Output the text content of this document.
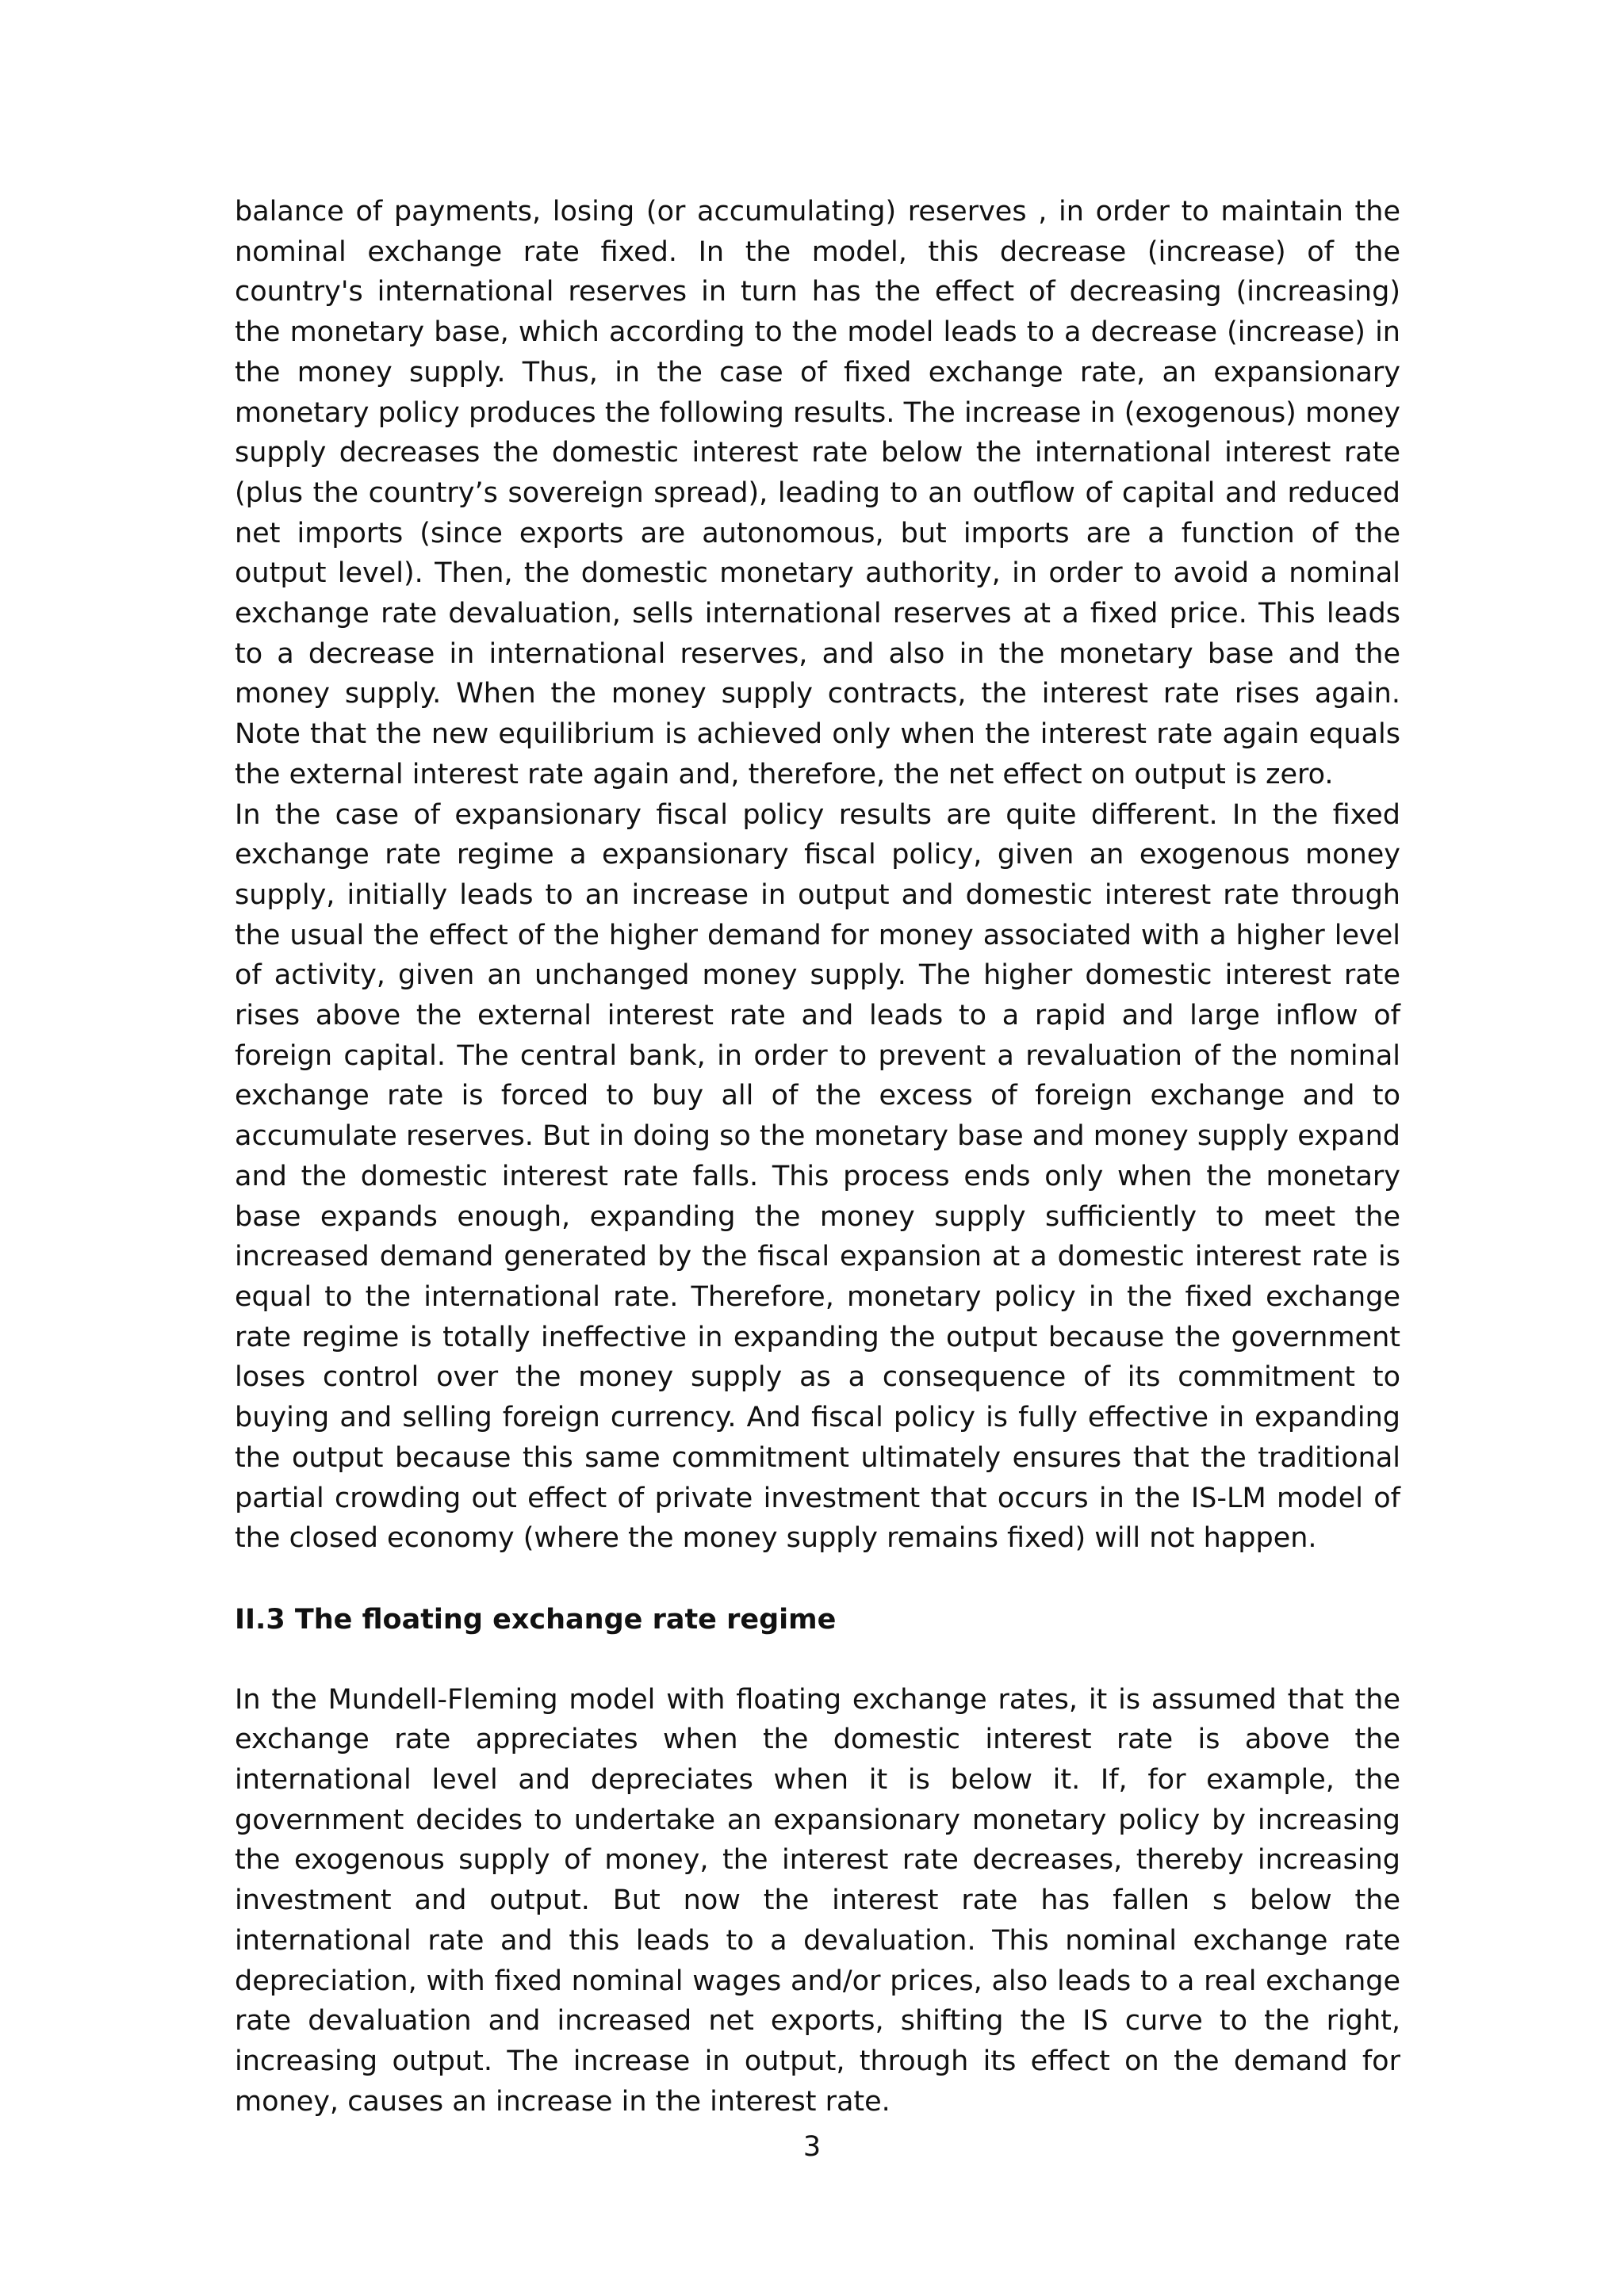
balance of payments, losing (or accumulating) reserves , in order to maintain the nominal exchange rate fixed. In the model, this decrease (increase) of the country's international reserves in turn has the effect of decreasing (increasing) the monetary base, which according to the model leads to a decrease (increase) in the money supply. Thus, in the case of fixed exchange rate, an expansionary monetary policy produces the following results. The increase in (exogenous) money supply decreases the domestic interest rate below the international interest rate (plus the country’s sovereign spread), leading to an outflow of capital and reduced net imports (since exports are autonomous, but imports are a function of the output level). Then, the domestic monetary authority, in order to avoid a nominal exchange rate devaluation, sells international reserves at a fixed price. This leads to a decrease in international reserves, and also in the monetary base and the money supply. When the money supply contracts, the interest rate rises again. Note that the new equilibrium is achieved only when the interest rate again equals the external interest rate again and, therefore, the net effect on output is zero.

In the case of expansionary fiscal policy results are quite different. In the fixed exchange rate regime a expansionary fiscal policy, given an exogenous money supply, initially leads to an increase in output and domestic interest rate through the usual the effect of the higher demand for money associated with a higher level of activity, given an unchanged money supply. The higher domestic interest rate rises above the external interest rate and leads to a rapid and large inflow of foreign capital. The central bank, in order to prevent a revaluation of the nominal exchange rate is forced to buy all of the excess of foreign exchange and to accumulate reserves. But in doing so the monetary base and money supply expand and the domestic interest rate falls. This process ends only when the monetary base expands enough, expanding the money supply sufficiently to meet the increased demand generated by the fiscal expansion at a domestic interest rate is equal to the international rate. Therefore, monetary policy in the fixed exchange rate regime is totally ineffective in expanding the output because the government loses control over the money supply as a consequence of its commitment to buying and selling foreign currency. And fiscal policy is fully effective in expanding the output because this same commitment ultimately ensures that the traditional partial crowding out effect of private investment that occurs in the IS-LM model of the closed economy (where the money supply remains fixed) will not happen.

II.3 The floating exchange rate regime

In the Mundell-Fleming model with floating exchange rates, it is assumed that the exchange rate appreciates when the domestic interest rate is above the international level and depreciates when it is below it. If, for example, the government decides to undertake an expansionary monetary policy by increasing the exogenous supply of money, the interest rate decreases, thereby increasing investment and output. But now the interest rate has fallen s below the international rate and this leads to a devaluation. This nominal exchange rate depreciation, with fixed nominal wages and/or prices, also leads to a real exchange rate devaluation and increased net exports, shifting the IS curve to the right, increasing output. The increase in output, through its effect on the demand for money, causes an increase in the interest rate.

3
